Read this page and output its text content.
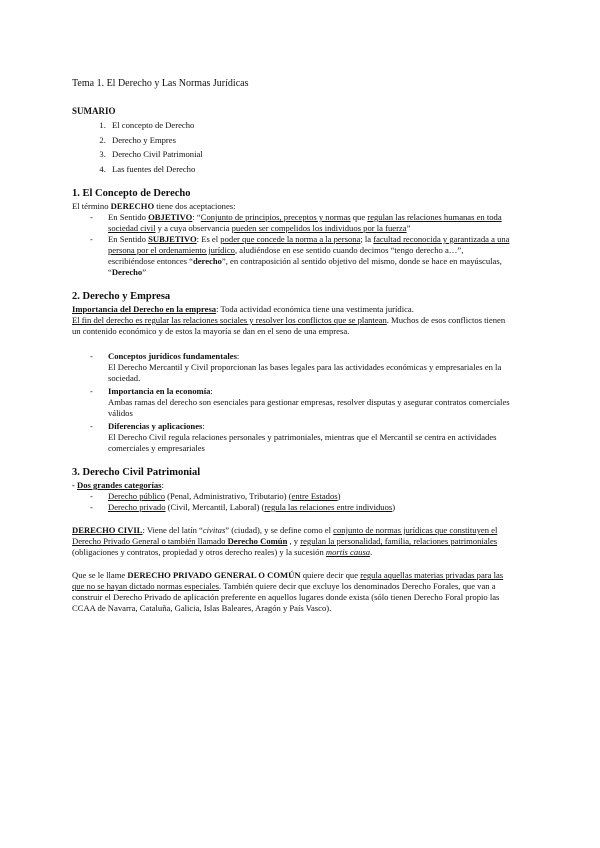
Tema 1. El Derecho y Las Normas Jurídicas

SUMARIO

1. El concepto de Derecho
2. Derecho y Empres
3. Derecho Civil Patrimonial
4. Las fuentes del Derecho
1. El Concepto de Derecho

El término DERECHO tiene dos aceptaciones:

- En Sentido OBJETIVO: “Conjunto de principios, preceptos y normas que regulan las relaciones humanas en toda sociedad civil y a cuya observancia pueden ser compelidos los individuos por la fuerza”
- En Sentido SUBJETIVO: Es el poder que concede la norma a la persona; la facultad reconocida y garantizada a una persona por el ordenamiento jurídico, aludiéndose en ese sentido cuando decimos “tengo derecho a…”, escribiéndose entonces “derecho”, en contraposición al sentido objetivo del mismo, donde se hace en mayúsculas, “Derecho”
2. Derecho y Empresa

Importancia del Derecho en la empresa: Toda actividad económica tiene una vestimenta jurídica.

El fin del derecho es regular las relaciones sociales y resolver los conflictos que se plantean. Muchos de esos conflictos tienen un contenido económico y de estos la mayoría se dan en el seno de una empresa.

- Conceptos jurídicos fundamentales:
El Derecho Mercantil y Civil proporcionan las bases legales para las actividades económicas y empresariales en la sociedad.
- Importancia en la economía:
Ambas ramas del derecho son esenciales para gestionar empresas, resolver disputas y asegurar contratos comerciales válidos
- Diferencias y aplicaciones:
El Derecho Civil regula relaciones personales y patrimoniales, mientras que el Mercantil se centra en actividades comerciales y empresariales
3. Derecho Civil Patrimonial

- Dos grandes categorías:

- Derecho público (Penal, Administrativo, Tributario) (entre Estados)
- Derecho privado (Civil, Mercantil, Laboral) (regula las relaciones entre individuos)

DERECHO CIVIL: Viene del latín “civitas” (ciudad), y se define como el conjunto de normas jurídicas que constituyen el Derecho Privado General o también llamado Derecho Común , y regulan la personalidad, familia, relaciones patrimoniales (obligaciones y contratos, propiedad y otros derecho reales) y la sucesión mortis causa.

Que se le llame DERECHO PRIVADO GENERAL O COMÚN quiere decir que regula aquellas materias privadas para las que no se hayan dictado normas especiales. También quiere decir que excluye los denominados Derecho Forales, que van a construir el Derecho Privado de aplicación preferente en aquellos lugares donde exista (sólo tienen Derecho Foral propio las CCAA de Navarra, Cataluña, Galicia, Islas Baleares, Aragón y País Vasco).
